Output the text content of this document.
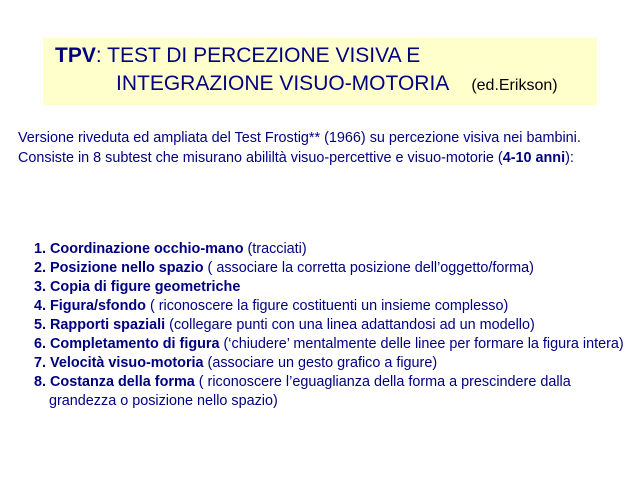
TPV: TEST DI PERCEZIONE VISIVA E
INTEGRAZIONE VISUO-MOTORIA (ed.Erikson)
Versione riveduta ed ampliata del Test Frostig** (1966) su percezione visiva nei bambini.
Consiste in 8 subtest che misurano abililtà visuo-percettive e visuo-motorie (4-10 anni):
1. Coordinazione occhio-mano (tracciati)
2. Posizione nello spazio ( associare la corretta posizione dell’oggetto/forma)
3. Copia di figure geometriche
4. Figura/sfondo ( riconoscere la figure costituenti un insieme complesso)
5. Rapporti spaziali (collegare punti con una linea adattandosi ad un modello)
6. Completamento di figura (‘chiudere’ mentalmente delle linee per formare la figura intera)
7. Velocità visuo-motoria (associare un gesto grafico a figure)
8. Costanza della forma ( riconoscere l’eguaglianza della forma a prescindere dalla grandezza o posizione nello spazio)
